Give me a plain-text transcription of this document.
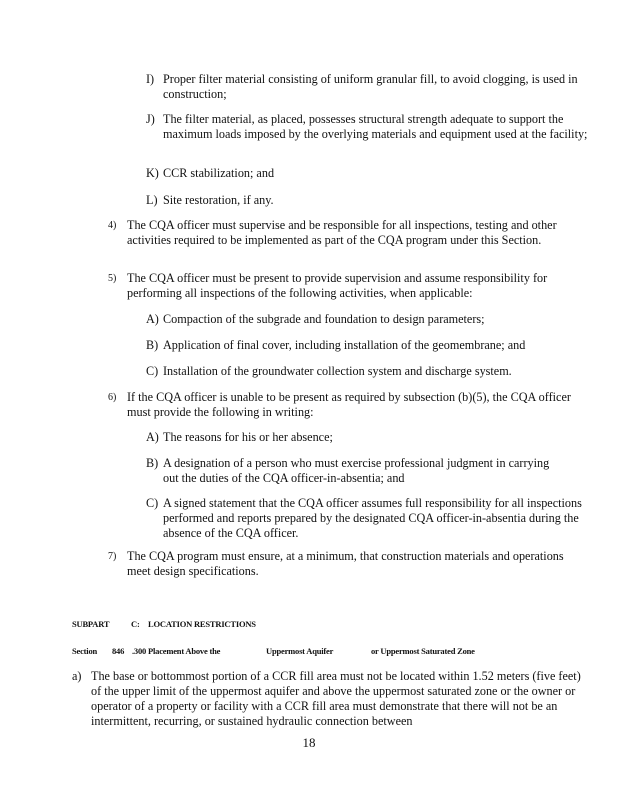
I) Proper filter material consisting of uniform granular fill, to avoid clogging, is used in construction;
J) The filter material, as placed, possesses structural strength adequate to support the maximum loads imposed by the overlying materials and equipment used at the facility;
K) CCR stabilization; and
L) Site restoration, if any.
4) The CQA officer must supervise and be responsible for all inspections, testing and other activities required to be implemented as part of the CQA program under this Section.
5) The CQA officer must be present to provide supervision and assume responsibility for performing all inspections of the following activities, when applicable:
A) Compaction of the subgrade and foundation to design parameters;
B) Application of final cover, including installation of the geomembrane; and
C) Installation of the groundwater collection system and discharge system.
6) If the CQA officer is unable to be present as required by subsection (b)(5), the CQA officer must provide the following in writing:
A) The reasons for his or her absence;
B) A designation of a person who must exercise professional judgment in carrying out the duties of the CQA officer-in-absentia; and
C) A signed statement that the CQA officer assumes full responsibility for all inspections performed and reports prepared by the designated CQA officer-in-absentia during the absence of the CQA officer.
7) The CQA program must ensure, at a minimum, that construction materials and operations meet design specifications.
SUBPART	C: LOCATION RESTRICTIONS
Section 846 .300 Placement Above the	Uppermost Aquifer	or Uppermost Saturated Zone
a) The base or bottommost portion of a CCR fill area must not be located within 1.52 meters (five feet) of the upper limit of the uppermost aquifer and above the uppermost saturated zone or the owner or operator of a property or facility with a CCR fill area must demonstrate that there will not be an intermittent, recurring, or sustained hydraulic connection between
18
